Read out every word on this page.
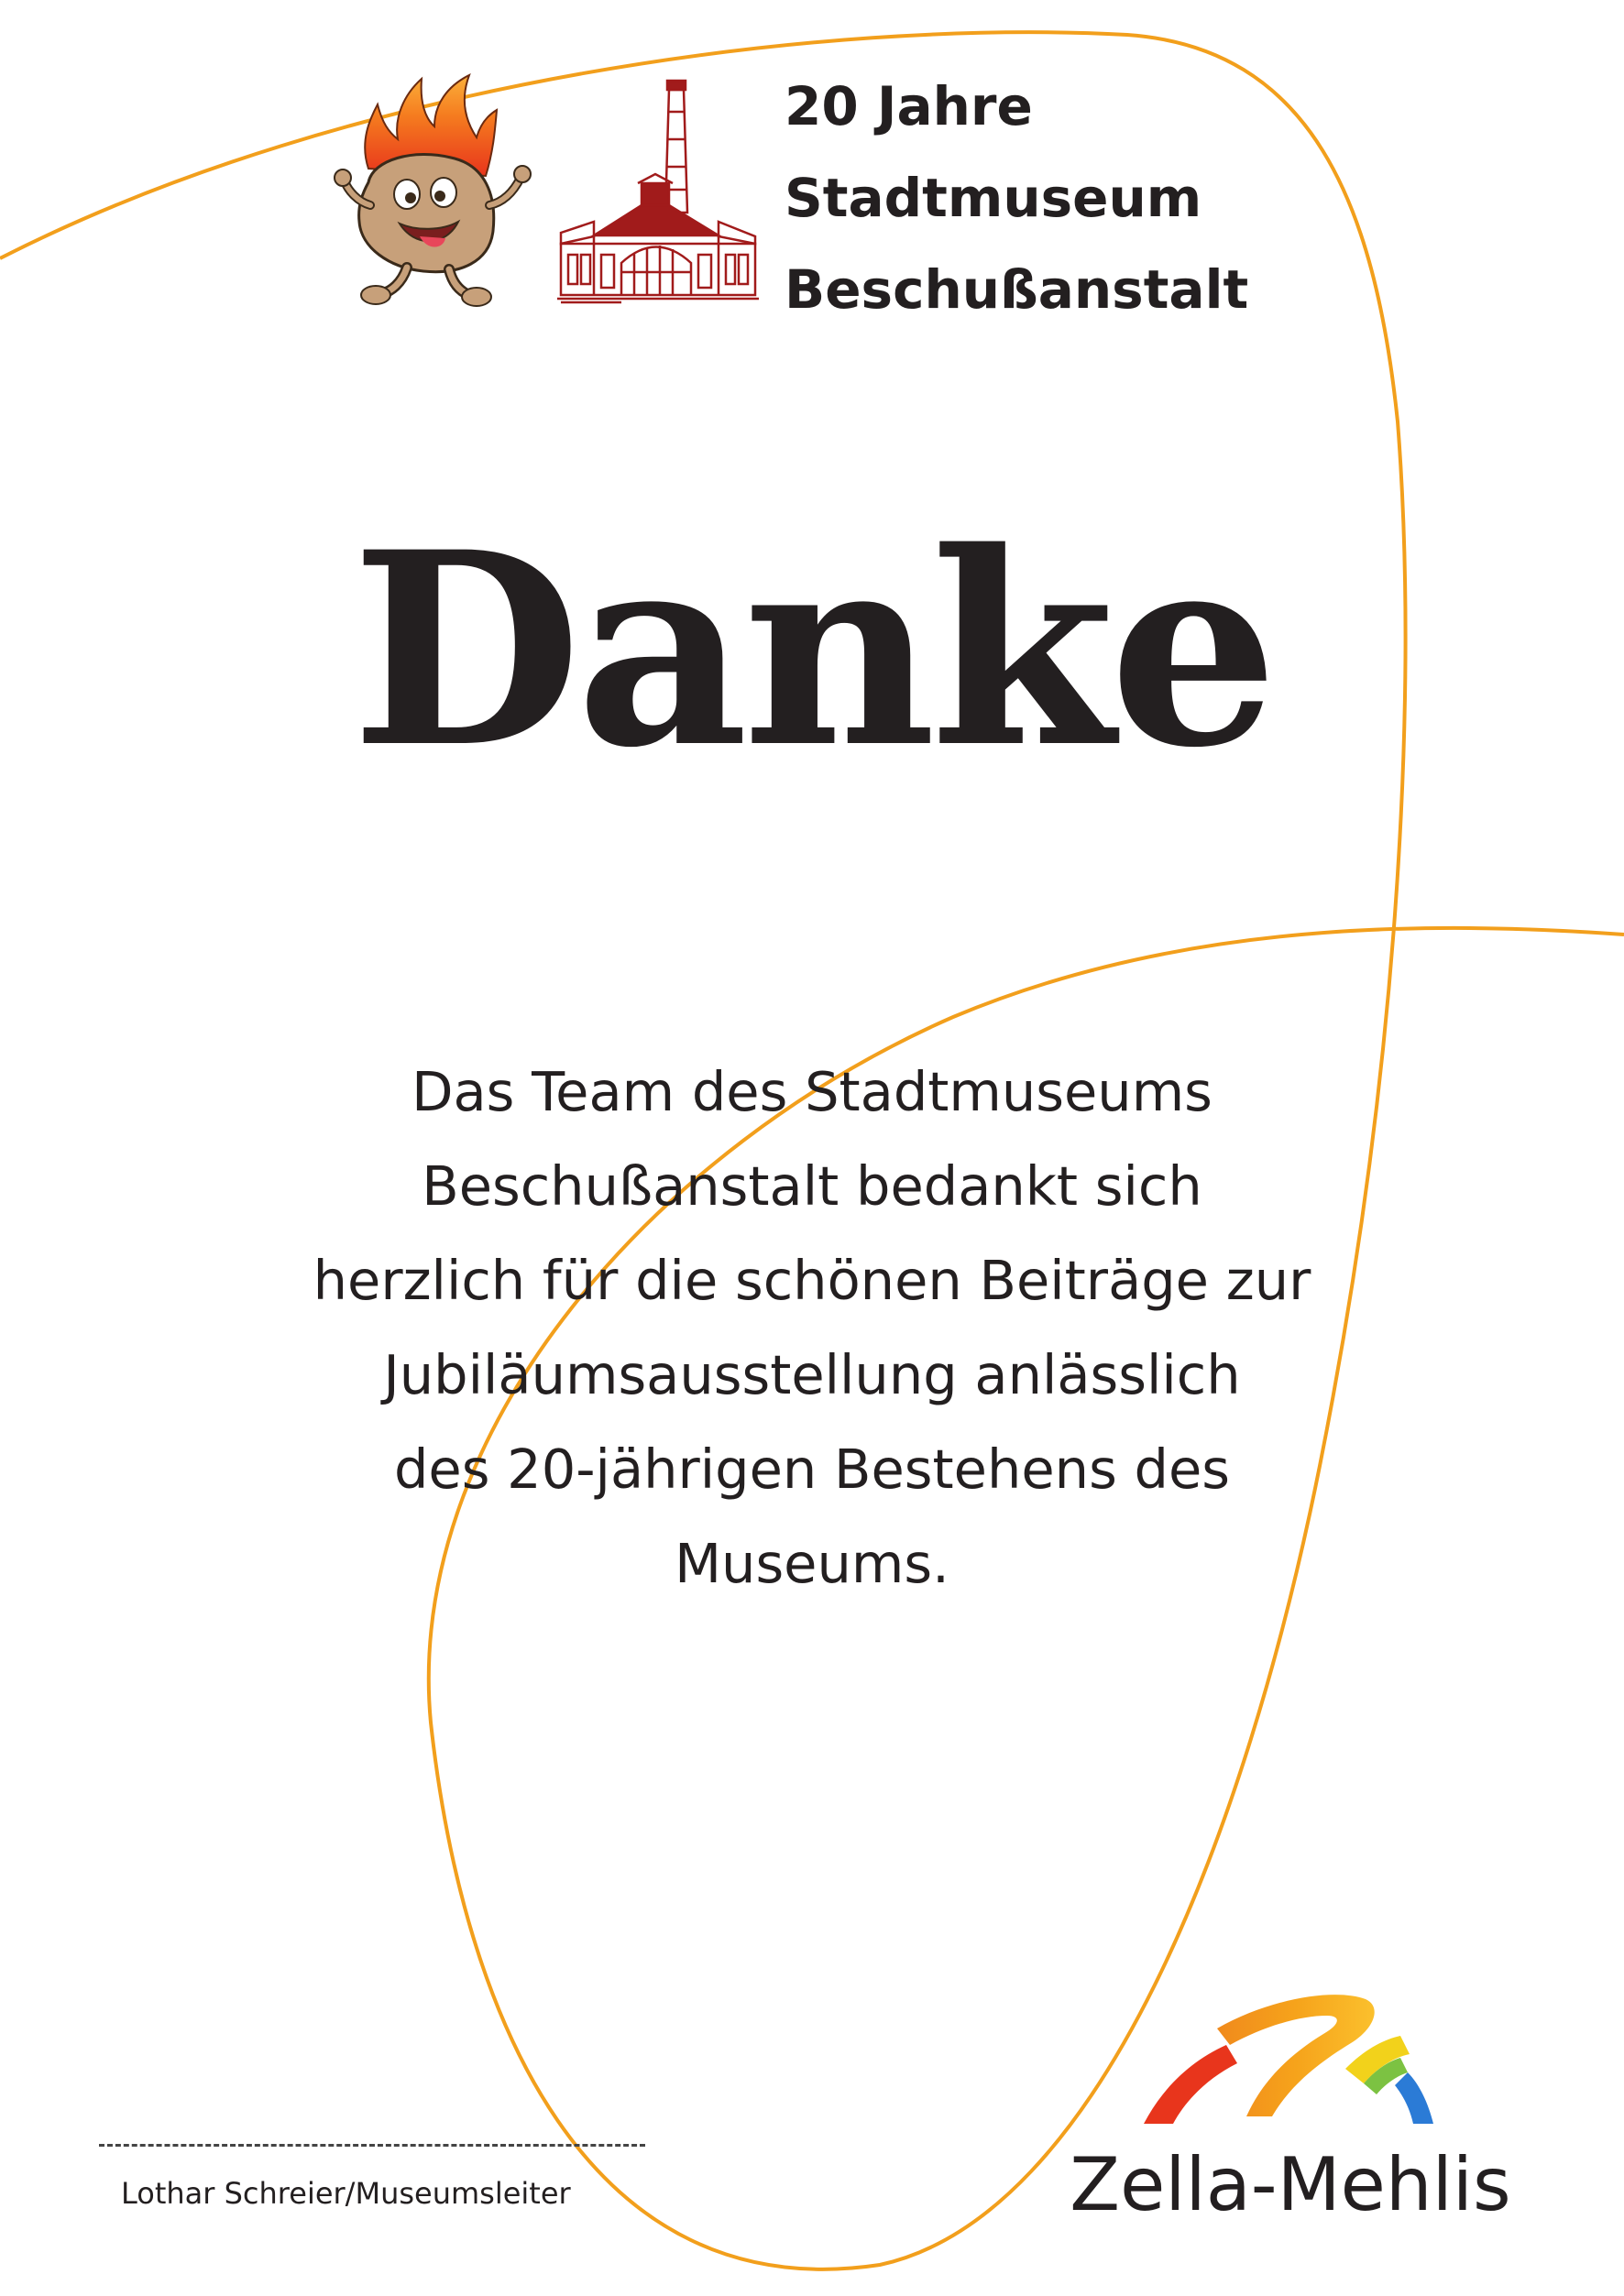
20 Jahre
Stadtmuseum
Beschußanstalt
Danke
Das Team des Stadtmuseums
Beschußanstalt bedankt sich
herzlich für die schönen Beiträge zur
Jubiläumsausstellung anlässlich
des 20-jährigen Bestehens des
Museums.
Lothar Schreier/Museumsleiter	Zella-Mehlis
